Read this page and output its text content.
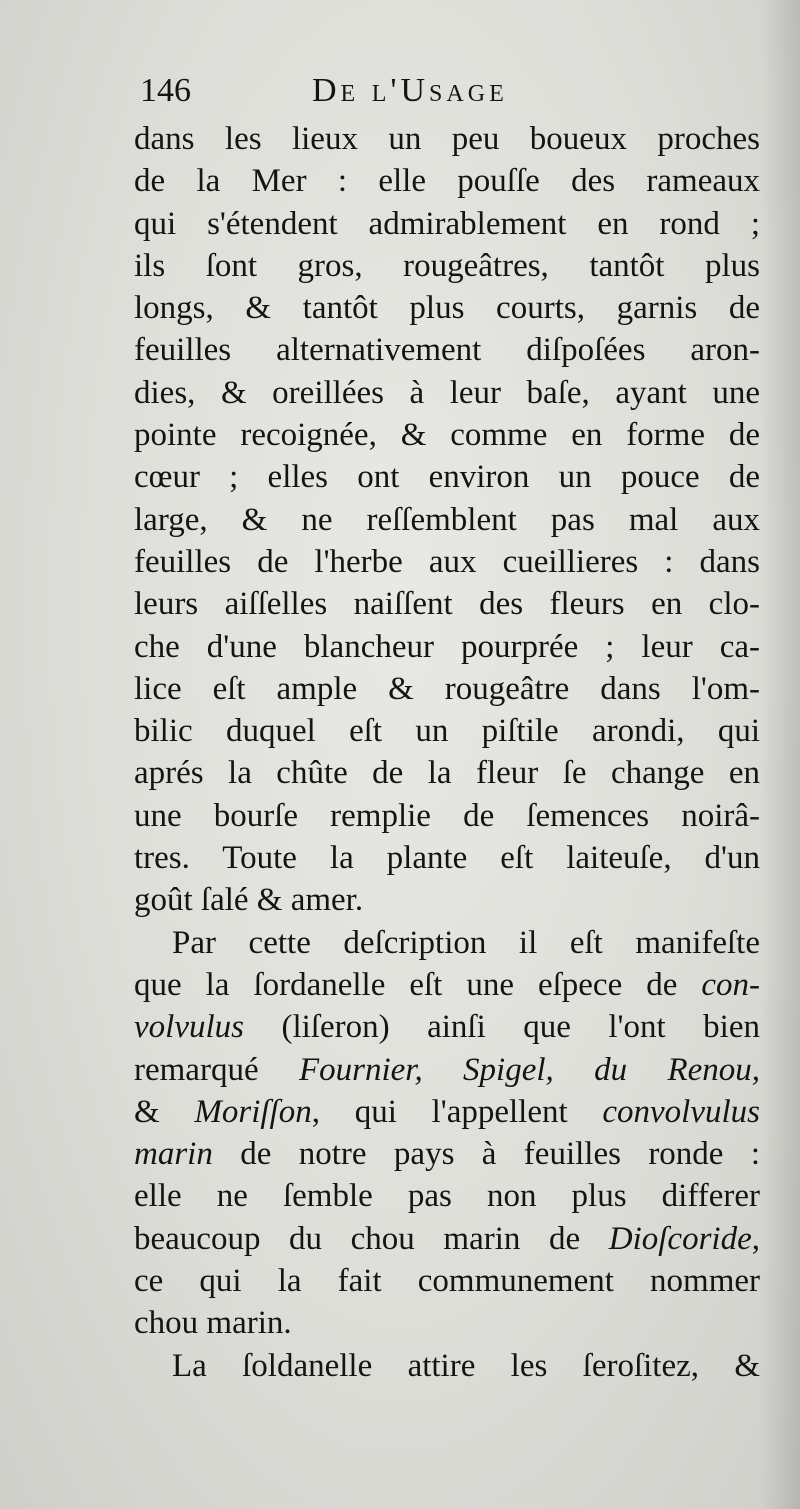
146	De l'Usage
dans les lieux un peu boueux proches
de la Mer : elle pouſſe des rameaux
qui s'étendent admirablement en rond ;
ils ſont gros, rougeâtres, tantôt plus
longs, & tantôt plus courts, garnis de
feuilles alternativement diſpoſées aron-
dies, & oreillées à leur baſe, ayant une
pointe recoignée, & comme en forme de
cœur ; elles ont environ un pouce de
large, & ne reſſemblent pas mal aux
feuilles de l'herbe aux cueillieres : dans
leurs aiſſelles naiſſent des fleurs en clo-
che d'une blancheur pourprée ; leur ca-
lice eſt ample & rougeâtre dans l'om-
bilic duquel eſt un piſtile arondi, qui
aprés la chûte de la fleur ſe change en
une bourſe remplie de ſemences noirâ-
tres. Toute la plante eſt laiteuſe, d'un
goût ſalé & amer.
Par cette deſcription il eſt manifeſte
que la ſordanelle eſt une eſpece de con-
volvulus (liſeron) ainſi que l'ont bien
remarqué Fournier, Spigel, du Renou,
& Moriſſon, qui l'appellent convolvulus
marin de notre pays à feuilles ronde :
elle ne ſemble pas non plus differer
beaucoup du chou marin de Dioſcoride,
ce qui la fait communement nommer
chou marin.
La ſoldanelle attire les ſeroſitez, &
